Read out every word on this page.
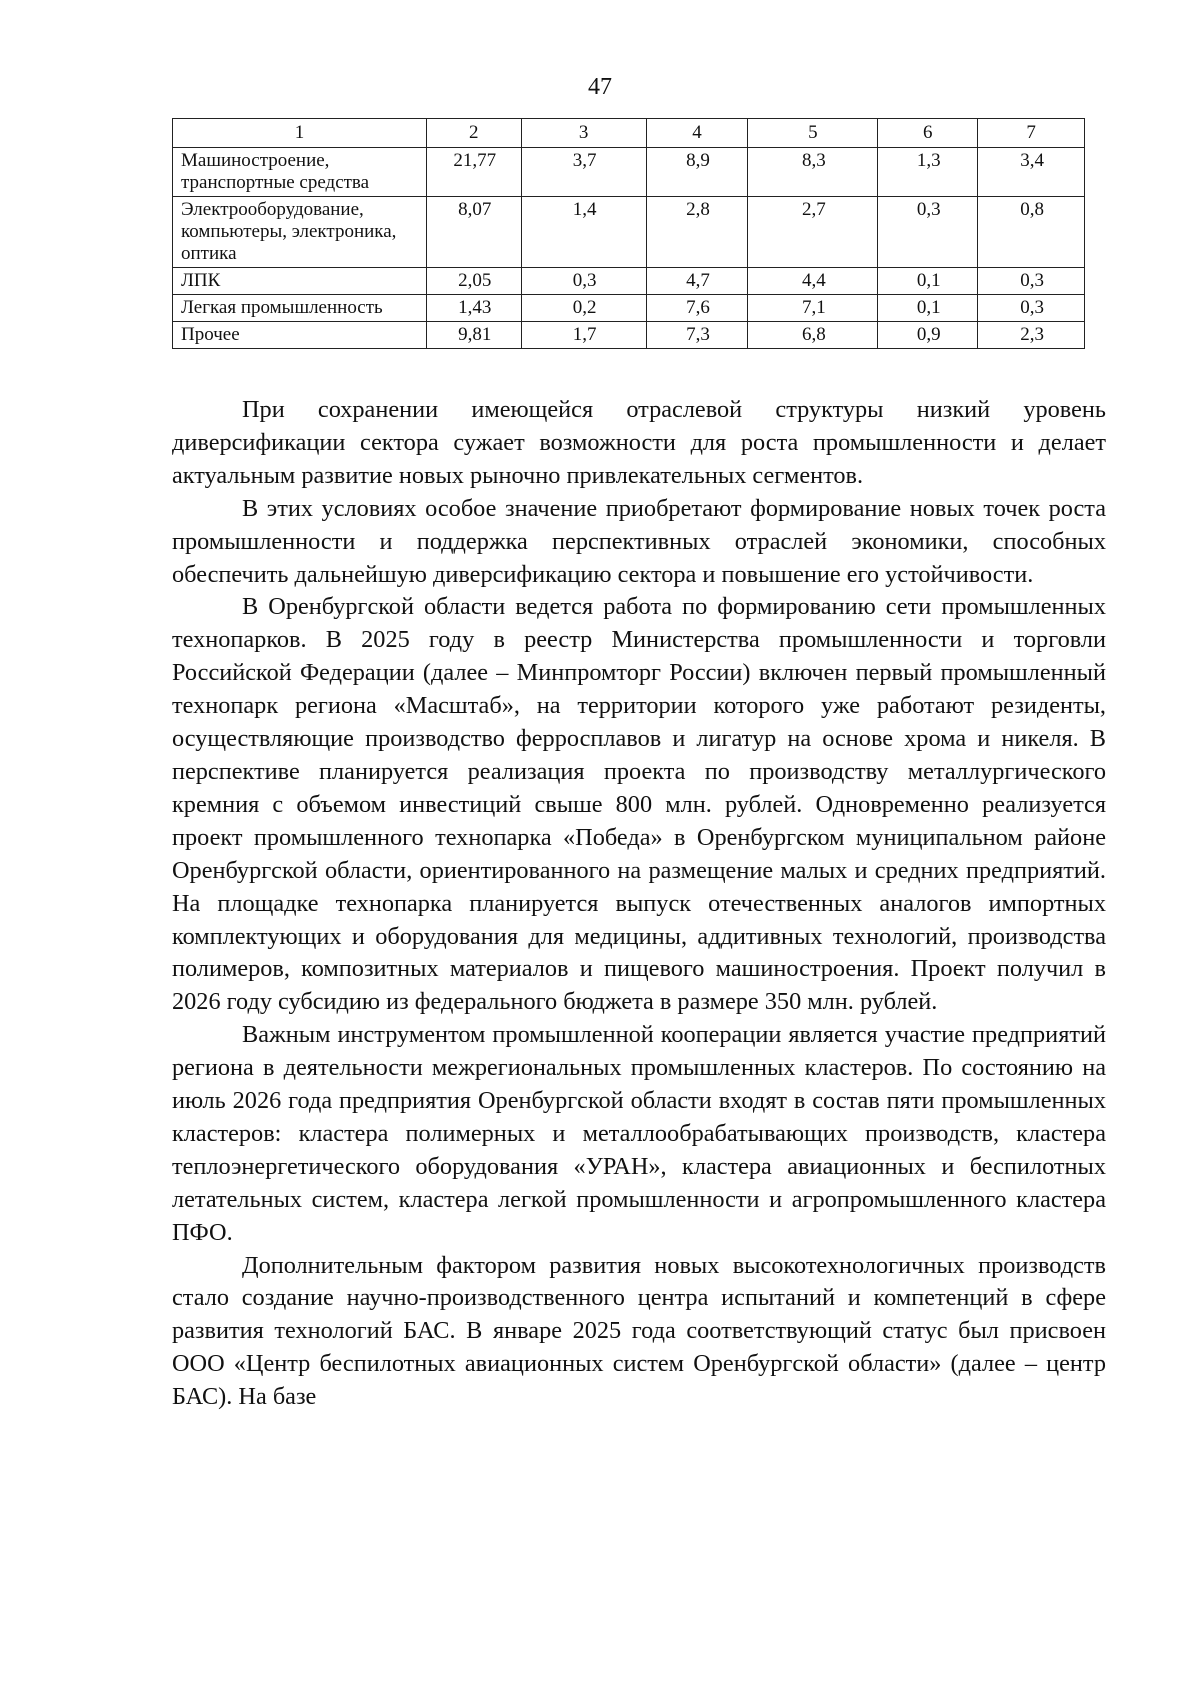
47
1	2	3	4	5	6	7
Машиностроение, транспортные средства	21,77	3,7	8,9	8,3	1,3	3,4
Электрооборудование, компьютеры, электроника, оптика	8,07	1,4	2,8	2,7	0,3	0,8
ЛПК	2,05	0,3	4,7	4,4	0,1	0,3
Легкая промышленность	1,43	0,2	7,6	7,1	0,1	0,3
Прочее	9,81	1,7	7,3	6,8	0,9	2,3

При сохранении имеющейся отраслевой структуры низкий уровень диверсификации сектора сужает возможности для роста промышленности и делает актуальным развитие новых рыночно привлекательных сегментов.

В этих условиях особое значение приобретают формирование новых точек роста промышленности и поддержка перспективных отраслей экономики, способных обеспечить дальнейшую диверсификацию сектора и повышение его устойчивости.

В Оренбургской области ведется работа по формированию сети промышленных технопарков. В 2025 году в реестр Министерства промышленности и торговли Российской Федерации (далее – Минпромторг России) включен первый промышленный технопарк региона «Масштаб», на территории которого уже работают резиденты, осуществляющие производство ферросплавов и лигатур на основе хрома и никеля. В перспективе планируется реализация проекта по производству металлургического кремния с объемом инвестиций свыше 800 млн. рублей. Одновременно реализуется проект промышленного технопарка «Победа» в Оренбургском муниципальном районе Оренбургской области, ориентированного на размещение малых и средних предприятий. На площадке технопарка планируется выпуск отечественных аналогов импортных комплектующих и оборудования для медицины, аддитивных технологий, производства полимеров, композитных материалов и пищевого машиностроения. Проект получил в 2026 году субсидию из федерального бюджета в размере 350 млн. рублей.

Важным инструментом промышленной кооперации является участие предприятий региона в деятельности межрегиональных промышленных кластеров. По состоянию на июль 2026 года предприятия Оренбургской области входят в состав пяти промышленных кластеров: кластера полимерных и металлообрабатывающих производств, кластера теплоэнергетического оборудования «УРАН», кластера авиационных и беспилотных летательных систем, кластера легкой промышленности и агропромышленного кластера ПФО.

Дополнительным фактором развития новых высокотехнологичных производств стало создание научно-производственного центра испытаний и компетенций в сфере развития технологий БАС. В январе 2025 года соответствующий статус был присвоен ООО «Центр беспилотных авиационных систем Оренбургской области» (далее – центр БАС). На базе
